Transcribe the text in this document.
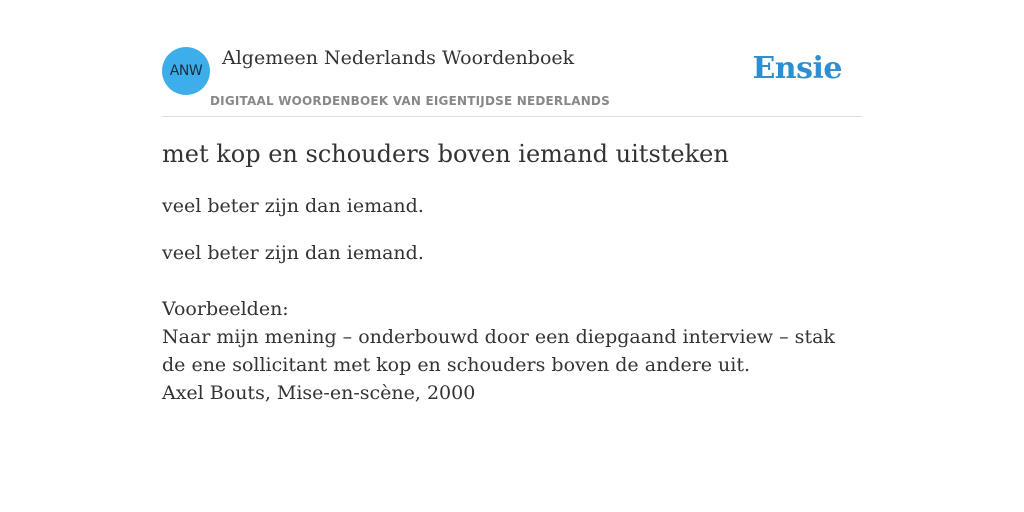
ANW
Algemeen Nederlands Woordenboek
DIGITAAL WOORDENBOEK VAN EIGENTIJDSE NEDERLANDS
Ensie
met kop en schouders boven iemand uitsteken

veel beter zijn dan iemand.

veel beter zijn dan iemand.

Voorbeelden:
Naar mijn mening – onderbouwd door een diepgaand interview – stak de ene sollicitant met kop en schouders boven de andere uit.
Axel Bouts, Mise-en-scène, 2000
